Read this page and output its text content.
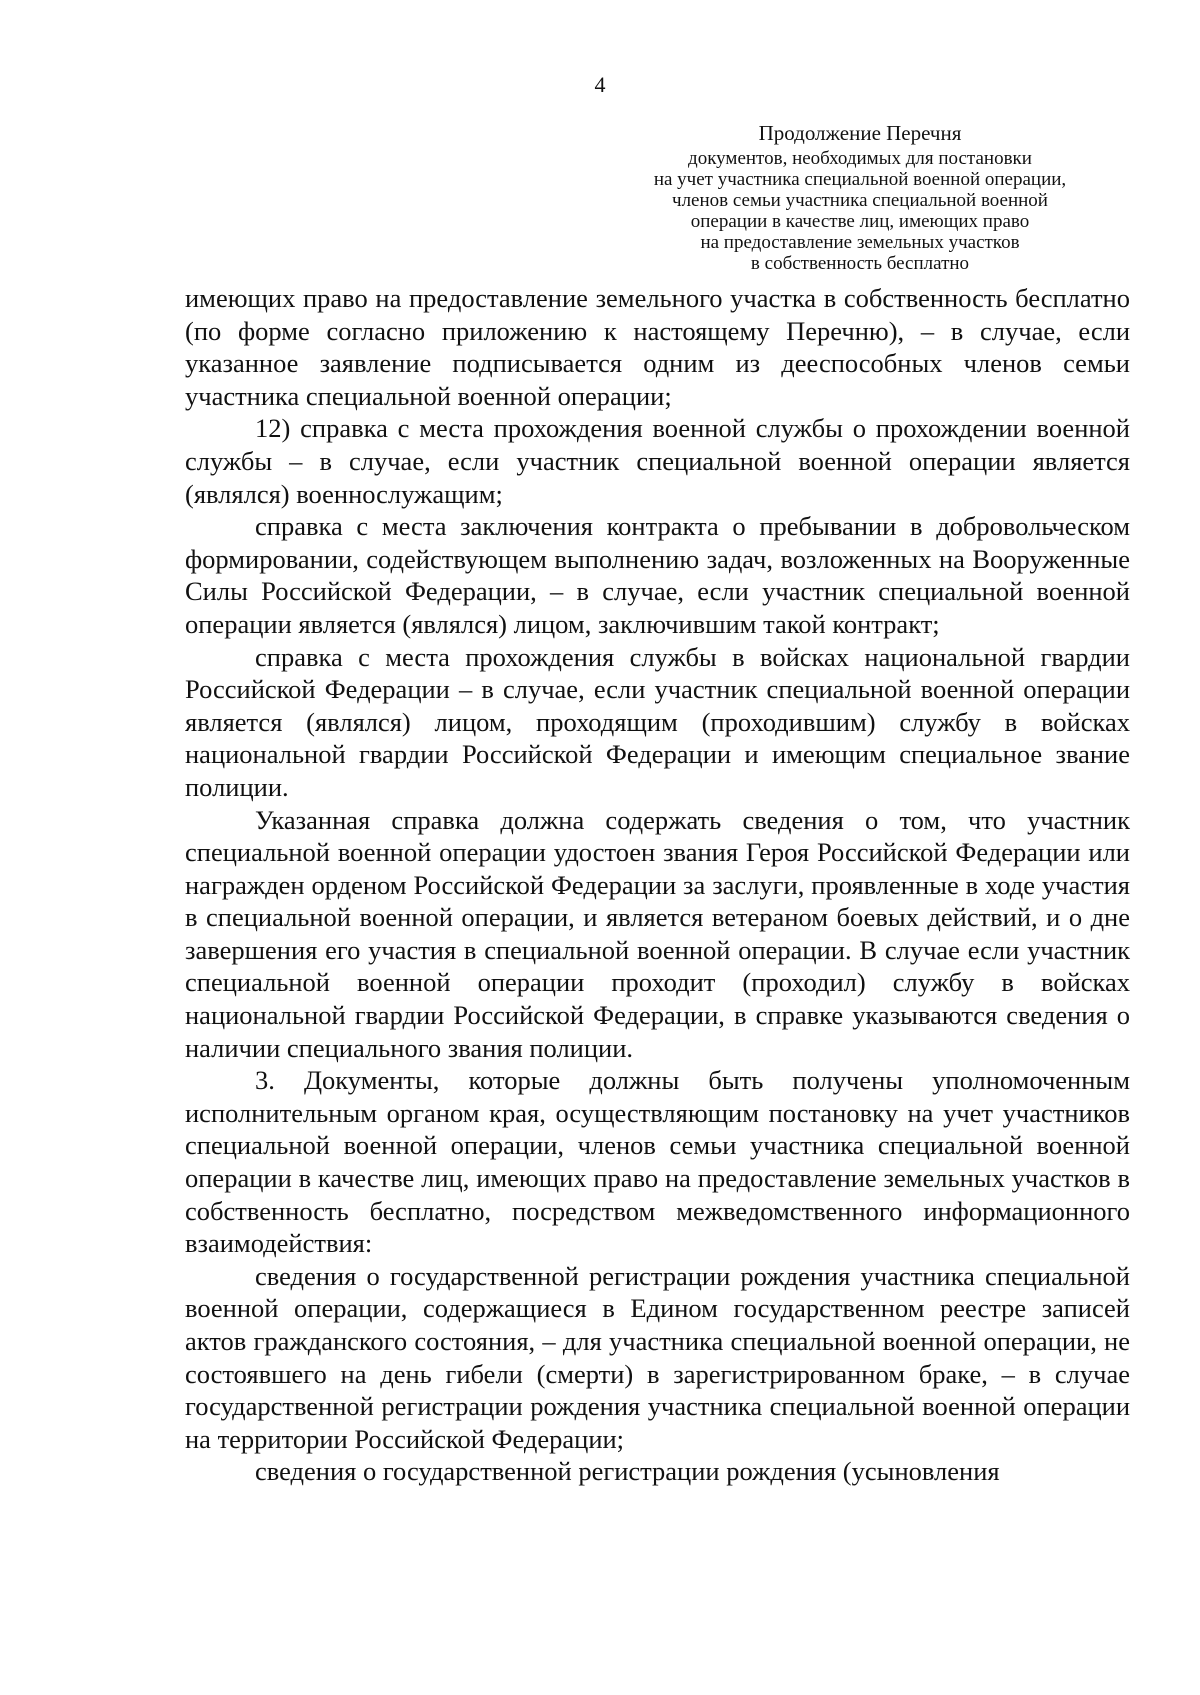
4
Продолжение Перечня
документов, необходимых для постановки
на учет участника специальной военной операции,
членов семьи участника специальной военной
операции в качестве лиц, имеющих право
на предоставление земельных участков
в собственность бесплатно

имеющих право на предоставление земельного участка в собственность бесплатно (по форме согласно приложению к настоящему Перечню), – в случае, если указанное заявление подписывается одним из дееспособных членов семьи участника специальной военной операции;

12) справка с места прохождения военной службы о прохождении военной службы – в случае, если участник специальной военной операции является (являлся) военнослужащим;

справка с места заключения контракта о пребывании в добровольческом формировании, содействующем выполнению задач, возложенных на Вооруженные Силы Российской Федерации, – в случае, если участник специальной военной операции является (являлся) лицом, заключившим такой контракт;

справка с места прохождения службы в войсках национальной гвардии Российской Федерации – в случае, если участник специальной военной операции является (являлся) лицом, проходящим (проходившим) службу в войсках национальной гвардии Российской Федерации и имеющим специальное звание полиции.

Указанная справка должна содержать сведения о том, что участник специальной военной операции удостоен звания Героя Российской Федерации или награжден орденом Российской Федерации за заслуги, проявленные в ходе участия в специальной военной операции, и является ветераном боевых действий, и о дне завершения его участия в специальной военной операции. В случае если участник специальной военной операции проходит (проходил) службу в войсках национальной гвардии Российской Федерации, в справке указываются сведения о наличии специального звания полиции.

3. Документы, которые должны быть получены уполномоченным исполнительным органом края, осуществляющим постановку на учет участников специальной военной операции, членов семьи участника специальной военной операции в качестве лиц, имеющих право на предоставление земельных участков в собственность бесплатно, посредством межведомственного информационного взаимодействия:

сведения о государственной регистрации рождения участника специальной военной операции, содержащиеся в Едином государственном реестре записей актов гражданского состояния, – для участника специальной военной операции, не состоявшего на день гибели (смерти) в зарегистрированном браке, – в случае государственной регистрации рождения участника специальной военной операции на территории Российской Федерации;

сведения о государственной регистрации рождения (усыновления
